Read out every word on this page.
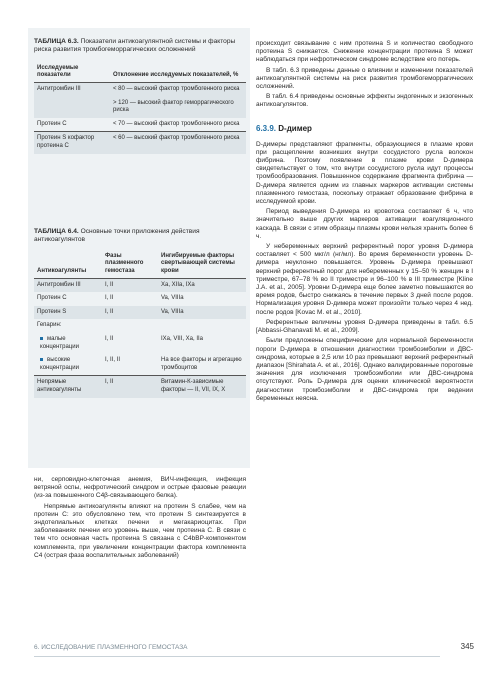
ТАБЛИЦА 6.3. Показатели антикоагулянтной системы и факторы риска развития тромбогеморрагических осложнений

Исследуемые показатели	Отклонение исследуемых показателей, %
Антитромбин III	< 80 — высокий фактор тромбогенного риска
	> 120 — высокий фактор геморрагического риска
Протеин C	< 70 — высокий фактор тромбогенного риска
Протеин S кофактор протеина C	< 60 — высокий фактор тромбогенного риска

ТАБЛИЦА 6.4. Основные точки приложения действия антикоагулянтов

Антикоагулянты	Фазы плазменного гемостаза	Ингибируемые факторы свертывающей системы крови
Антитромбин III	I, II	Xa, XIIa, IXa
Протеин C	I, II	Va, VIIIa
Протеин S	I, II	Va, VIIIa
Гепарин:		
малые концентрации	I, II	IXa, VIII, Xa, IIa
высокие концентрации	I, II, II	На все факторы и агрегацию тромбоцитов
Непрямые антикоагулянты	I, II	Витамин-К-зависимые факторы — II, VII, IX, X

ни, серповидно-клеточная анемия, ВИЧ-инфекция, инфекция ветряной оспы, нефротический синдром и острые фазовые реакции (из-за повышенного C4β-связывающего белка).

Непрямые антикоагулянты влияют на протеин S слабее, чем на протеин C: это обусловлено тем, что протеин S синтезируется в эндотелиальных клетках печени и мегакариоцитах. При заболеваниях печени его уровень выше, чем протеина C. В связи с тем что основная часть протеина S связана с C4bBP-компонентом комплемента, при увеличении концентрации фактора комплемента C4 (острая фаза воспалительных заболеваний)

происходит связывание с ним протеина S и количество свободного протеина S снижается. Снижение концентрации протеина S может наблюдаться при нефротическом синдроме вследствие его потерь.

В табл. 6.3 приведены данные о влиянии и изменении показателей антикоагулянтной системы на риск развития тромбогеморрагических осложнений.

В табл. 6.4 приведены основные эффекты эндогенных и экзогенных антикоагулянтов.

6.3.9. D-димер

D-димеры представляют фрагменты, образующиеся в плазме крови при расщеплении возникших внутри сосудистого русла волокон фибрина. Поэтому появление в плазме крови D-димера свидетельствует о том, что внутри сосудистого русла идут процессы тромбообразования. Повышенное содержание фрагмента фибрина — D-димера является одним из главных маркеров активации системы плазменного гемостаза, поскольку отражает образование фибрина в исследуемой крови.

Период выведения D-димера из кровотока составляет 6 ч, что значительно выше других маркеров активации коагуляционного каскада. В связи с этим образцы плазмы крови нельзя хранить более 6 ч.

У небеременных верхний референтный порог уровня D-димера составляет < 500 мкг/л (нг/мл). Во время беременности уровень D-димера неуклонно повышается. Уровень D-димера превышают верхний референтный порог для небеременных у 15–50 % женщин в I триместре, 67–78 % во II триместре и 96–100 % в III триместре [Kline J.A. et al., 2005]. Уровни D-димера еще более заметно повышаются во время родов, быстро снижаясь в течение первых 3 дней после родов. Нормализация уровня D-димера может произойти только через 4 нед. после родов [Kovac M. et al., 2010].

Референтные величины уровня D-димера приведены в табл. 6.5 [Abbassi-Ghanavati M. et al., 2009].

Были предложены специфические для нормальной беременности пороги D-димера в отношении диагностики тромбоэмболии и ДВС-синдрома, которые в 2,5 или 10 раз превышают верхний референтный диапазон [Shirahata A. et al., 2016]. Однако валидированные пороговые значения для исключения тромбоэмболии или ДВС-синдрома отсутствуют. Роль D-димера для оценки клинической вероятности диагностики тромбоэмболии и ДВС-синдрома при ведении беременных неясна.

6. ИССЛЕДОВАНИЕ ПЛАЗМЕННОГО ГЕМОСТАЗА	345
